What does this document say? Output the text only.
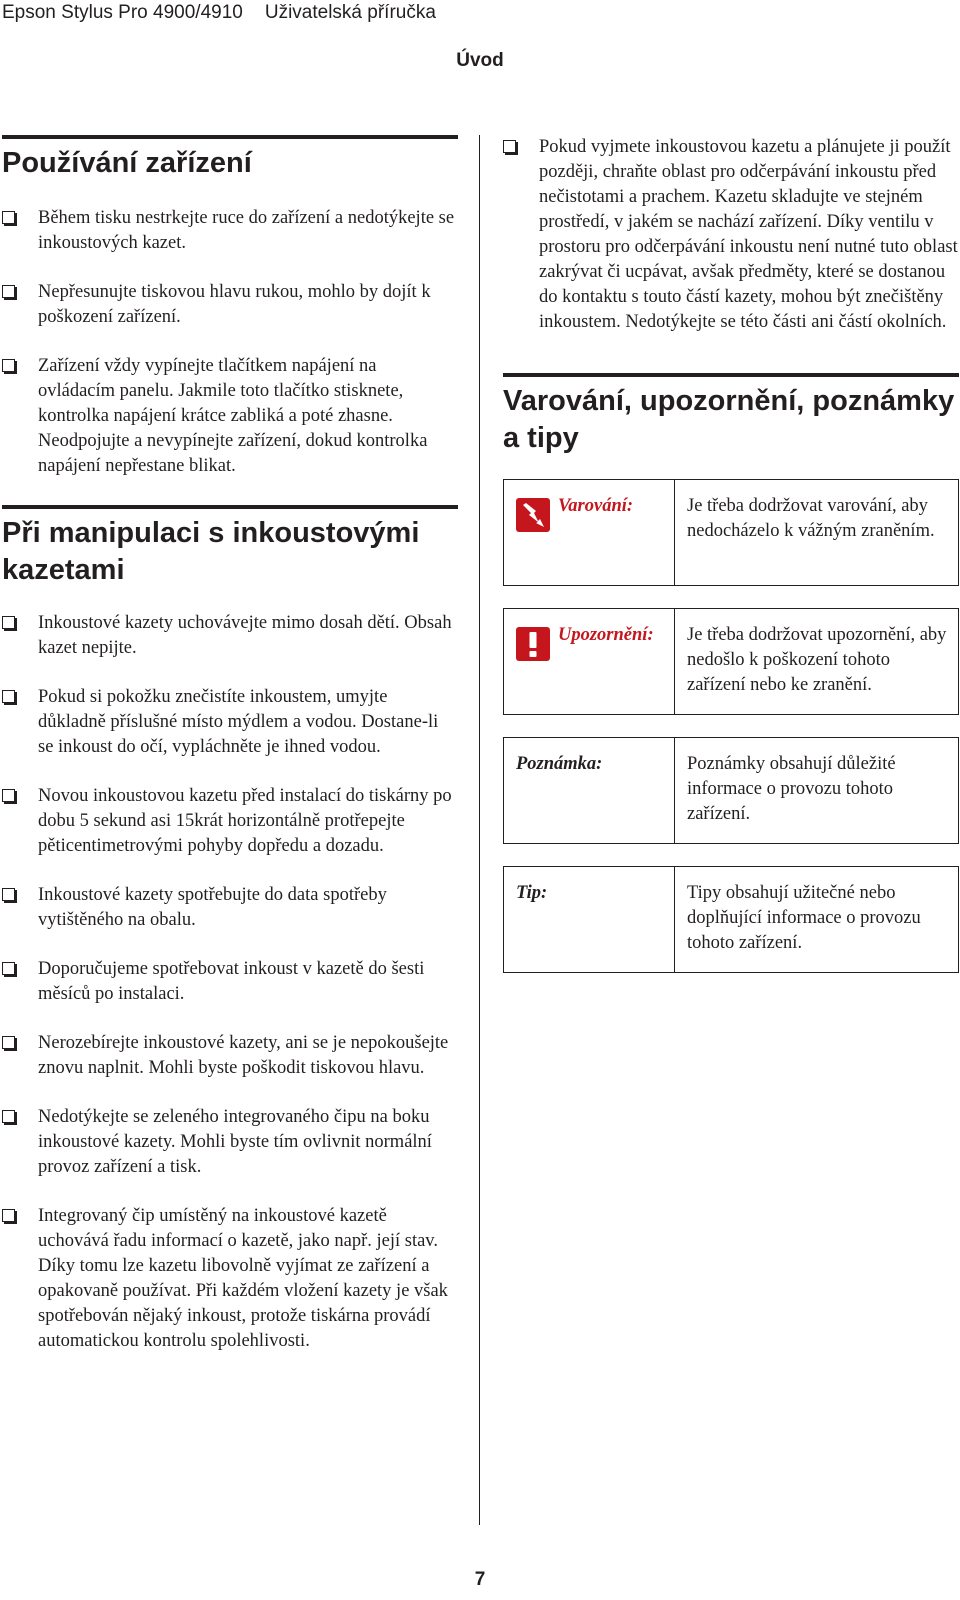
Epson Stylus Pro 4900/4910 Uživatelská příručka
Úvod
Používání zařízení
Během tisku nestrkejte ruce do zařízení a nedotýkejte se inkoustových kazet.
Nepřesunujte tiskovou hlavu rukou, mohlo by dojít k poškození zařízení.
Zařízení vždy vypínejte tlačítkem napájení na ovládacím panelu. Jakmile toto tlačítko stisknete, kontrolka napájení krátce zabliká a poté zhasne. Neodpojujte a nevypínejte zařízení, dokud kontrolka napájení nepřestane blikat.
Při manipulaci s inkoustovými kazetami
Inkoustové kazety uchovávejte mimo dosah dětí. Obsah kazet nepijte.
Pokud si pokožku znečistíte inkoustem, umyjte důkladně příslušné místo mýdlem a vodou. Dostane-li se inkoust do očí, vypláchněte je ihned vodou.
Novou inkoustovou kazetu před instalací do tiskárny po dobu 5 sekund asi 15krát horizontálně protřepejte pěticentimetrovými pohyby dopředu a dozadu.
Inkoustové kazety spotřebujte do data spotřeby vytištěného na obalu.
Doporučujeme spotřebovat inkoust v kazetě do šesti měsíců po instalaci.
Nerozebírejte inkoustové kazety, ani se je nepokoušejte znovu naplnit. Mohli byste poškodit tiskovou hlavu.
Nedotýkejte se zeleného integrovaného čipu na boku inkoustové kazety. Mohli byste tím ovlivnit normální provoz zařízení a tisk.
Integrovaný čip umístěný na inkoustové kazetě uchovává řadu informací o kazetě, jako např. její stav. Díky tomu lze kazetu libovolně vyjímat ze zařízení a opakovaně používat. Při každém vložení kazety je však spotřebován nějaký inkoust, protože tiskárna provádí automatickou kontrolu spolehlivosti.
Pokud vyjmete inkoustovou kazetu a plánujete ji použít později, chraňte oblast pro odčerpávání inkoustu před nečistotami a prachem. Kazetu skladujte ve stejném prostředí, v jakém se nachází zařízení. Díky ventilu v prostoru pro odčerpávání inkoustu není nutné tuto oblast zakrývat či ucpávat, avšak předměty, které se dostanou do kontaktu s touto částí kazety, mohou být znečištěny inkoustem. Nedotýkejte se této části ani částí okolních.
Varování, upozornění, poznámky a tipy
Varování:	Je třeba dodržovat varování, aby nedocházelo k vážným zraněním.

Upozornění:	Je třeba dodržovat upozornění, aby nedošlo k poškození tohoto zařízení nebo ke zranění.

Poznámka:	Poznámky obsahují důležité informace o provozu tohoto zařízení.

Tip:	Tipy obsahují užitečné nebo doplňující informace o provozu tohoto zařízení.
7
